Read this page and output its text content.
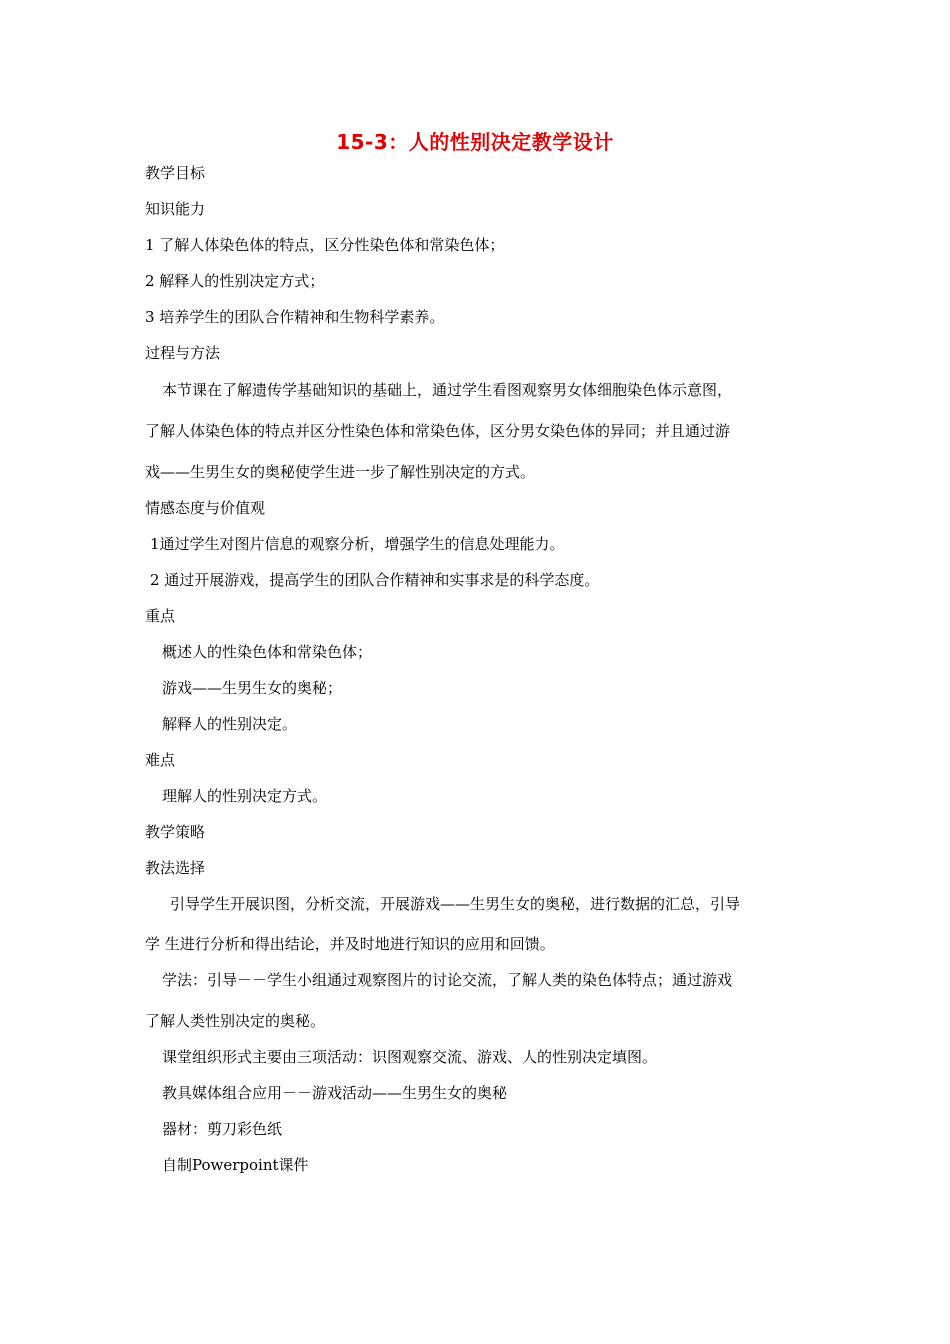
15-3：人的性别决定教学设计
教学目标
知识能力
1 了解人体染色体的特点，区分性染色体和常染色体；
2 解释人的性别决定方式；
3 培养学生的团队合作精神和生物科学素养。
过程与方法
本节课在了解遗传学基础知识的基础上，通过学生看图观察男女体细胞染色体示意图，
了解人体染色体的特点并区分性染色体和常染色体，区分男女染色体的异同；并且通过游
戏——生男生女的奥秘使学生进一步了解性别决定的方式。
情感态度与价值观
1通过学生对图片信息的观察分析，增强学生的信息处理能力。
2 通过开展游戏，提高学生的团队合作精神和实事求是的科学态度。
重点
概述人的性染色体和常染色体；
游戏——生男生女的奥秘；
解释人的性别决定。
难点
理解人的性别决定方式。
教学策略
教法选择
引导学生开展识图，分析交流，开展游戏——生男生女的奥秘，进行数据的汇总，引导
学 生进行分析和得出结论，并及时地进行知识的应用和回馈。
学法：引导－－学生小组通过观察图片的讨论交流，了解人类的染色体特点；通过游戏
了解人类性别决定的奥秘。
课堂组织形式主要由三项活动：识图观察交流、游戏、人的性别决定填图。
教具媒体组合应用－－游戏活动——生男生女的奥秘
器材：剪刀彩色纸
自制Powerpoint课件
